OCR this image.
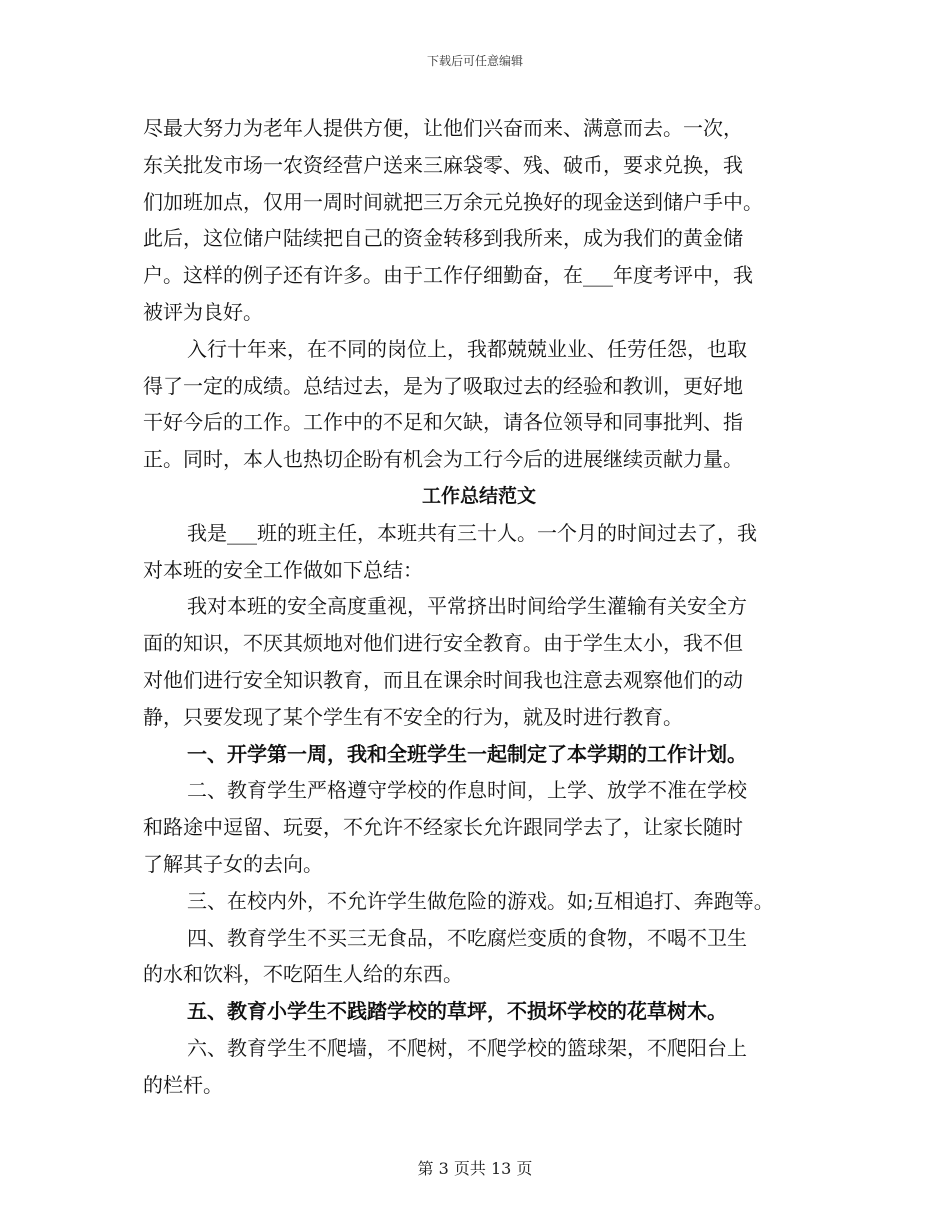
下载后可任意编辑
尽最大努力为老年人提供方便，让他们兴奋而来、满意而去。一次，
东关批发市场一农资经营户送来三麻袋零、残、破币，要求兑换，我
们加班加点，仅用一周时间就把三万余元兑换好的现金送到储户手中。
此后，这位储户陆续把自己的资金转移到我所来，成为我们的黄金储
户。这样的例子还有许多。由于工作仔细勤奋，在___年度考评中，我
被评为良好。
入行十年来，在不同的岗位上，我都兢兢业业、任劳任怨，也取
得了一定的成绩。总结过去，是为了吸取过去的经验和教训，更好地
干好今后的工作。工作中的不足和欠缺，请各位领导和同事批判、指
正。同时，本人也热切企盼有机会为工行今后的进展继续贡献力量。
工作总结范文
我是___班的班主任，本班共有三十人。一个月的时间过去了，我
对本班的安全工作做如下总结：
我对本班的安全高度重视，平常挤出时间给学生灌输有关安全方
面的知识，不厌其烦地对他们进行安全教育。由于学生太小，我不但
对他们进行安全知识教育，而且在课余时间我也注意去观察他们的动
静，只要发现了某个学生有不安全的行为，就及时进行教育。
一、开学第一周，我和全班学生一起制定了本学期的工作计划。
二、教育学生严格遵守学校的作息时间，上学、放学不准在学校
和路途中逗留、玩耍，不允许不经家长允许跟同学去了，让家长随时
了解其子女的去向。
三、在校内外，不允许学生做危险的游戏。如;互相追打、奔跑等。
四、教育学生不买三无食品，不吃腐烂变质的食物，不喝不卫生
的水和饮料，不吃陌生人给的东西。
五、教育小学生不践踏学校的草坪，不损坏学校的花草树木。
六、教育学生不爬墙，不爬树，不爬学校的篮球架，不爬阳台上
的栏杆。
第 3 页共 13 页
